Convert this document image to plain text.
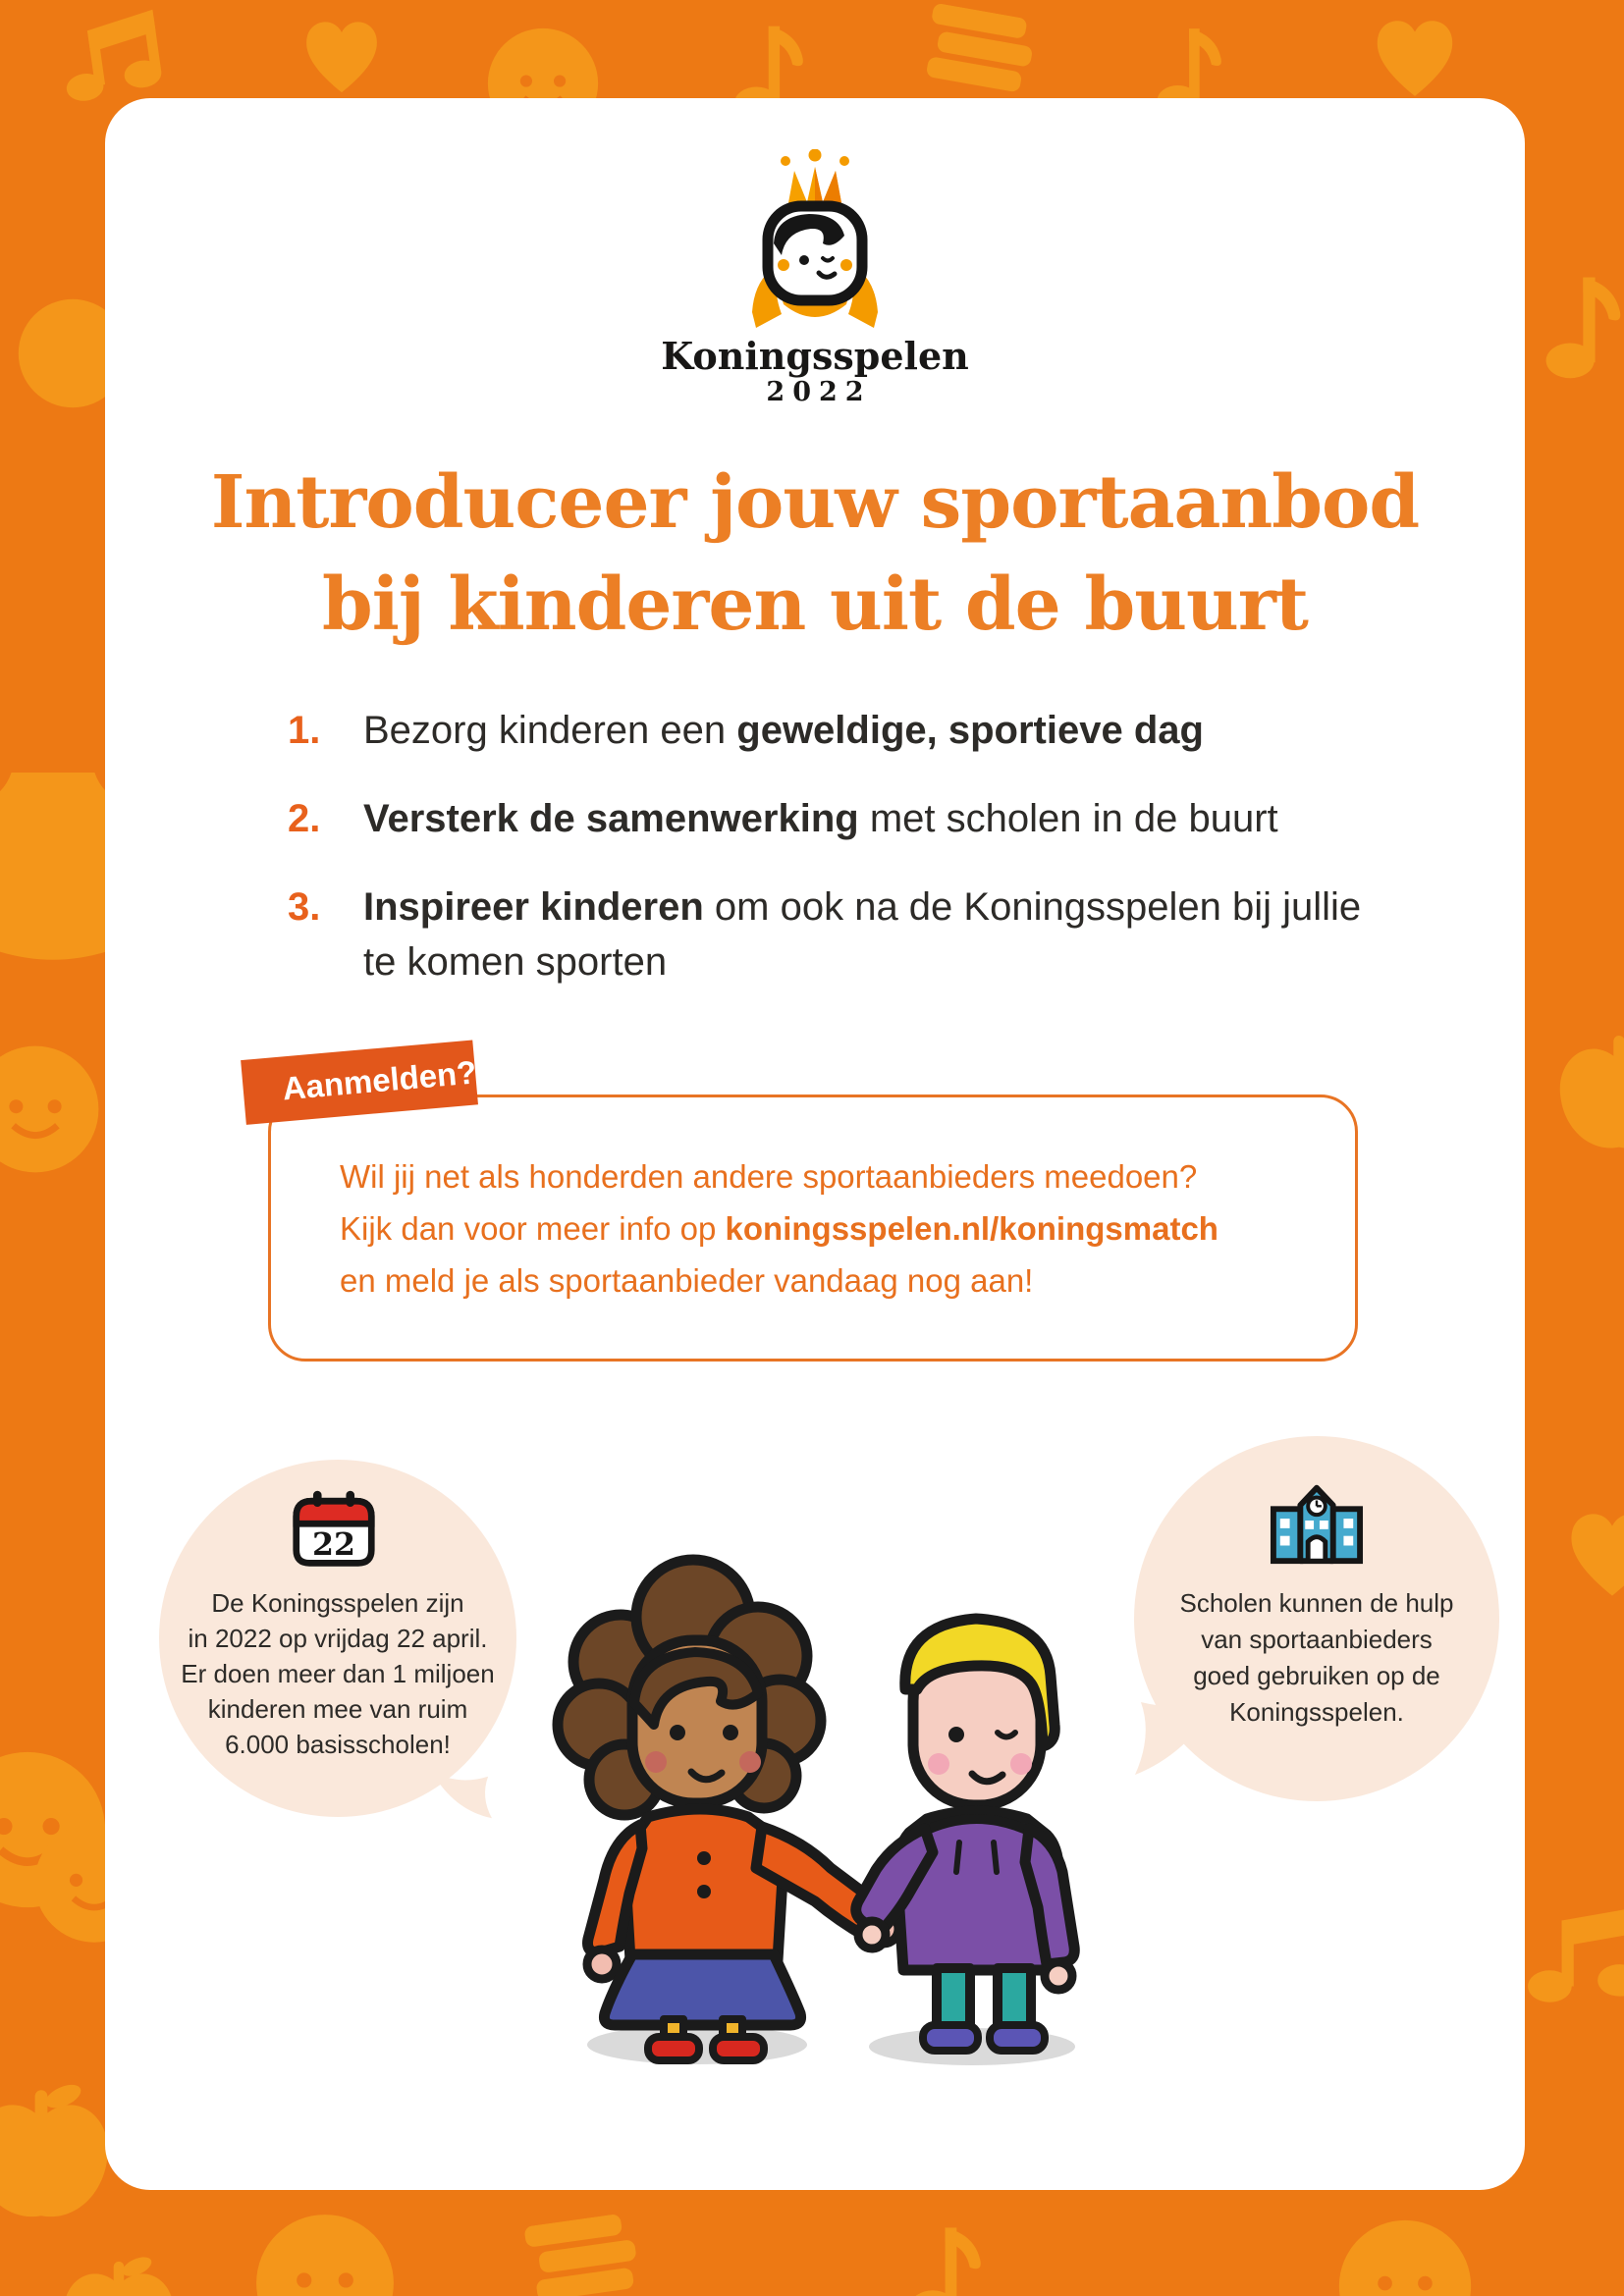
Koningsspelen
2022
Introduceer jouw sportaanbod
bij kinderen uit de buurt
1. Bezorg kinderen een geweldige, sportieve dag
2. Versterk de samenwerking met scholen in de buurt
3. Inspireer kinderen om ook na de Koningsspelen bij jullie te komen sporten
Aanmelden?
Wil jij net als honderden andere sportaanbieders meedoen?
Kijk dan voor meer info op koningsspelen.nl/koningsmatch
en meld je als sportaanbieder vandaag nog aan!
22
De Koningsspelen zijn
in 2022 op vrijdag 22 april.
Er doen meer dan 1 miljoen
kinderen mee van ruim
6.000 basisscholen!
Scholen kunnen de hulp
van sportaanbieders
goed gebruiken op de
Koningsspelen.
